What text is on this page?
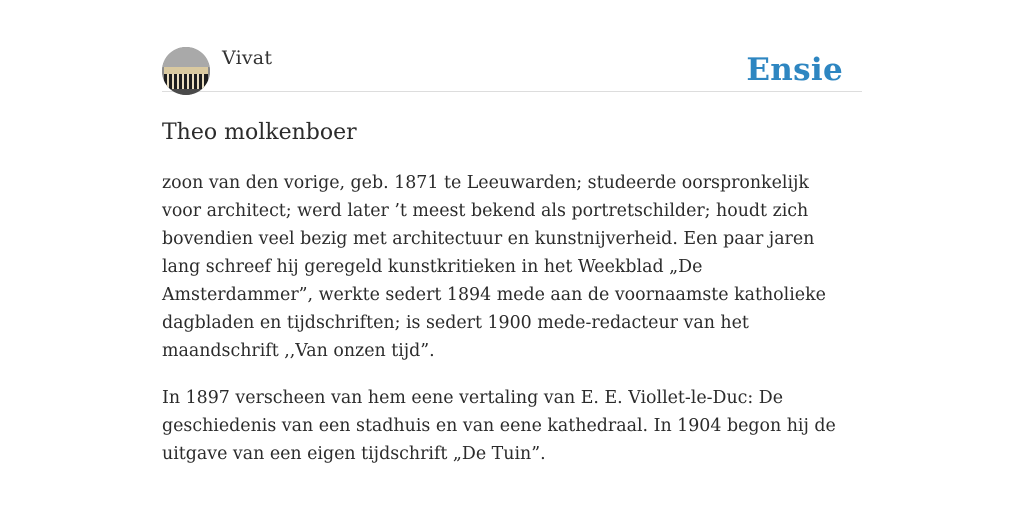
Vivat	Ensie
Theo molkenboer

zoon van den vorige, geb. 1871 te Leeuwarden; studeerde oorspronkelijk voor architect; werd later ’t meest bekend als portretschilder; houdt zich bovendien veel bezig met architectuur en kunstnijverheid. Een paar jaren lang schreef hij geregeld kunstkritieken in het Weekblad „De Amsterdammer”, werkte sedert 1894 mede aan de voornaamste katholieke dagbladen en tijdschriften; is sedert 1900 mede-redacteur van het maandschrift ,,Van onzen tijd”.

In 1897 verscheen van hem eene vertaling van E. E. Viollet-le-Duc: De geschiedenis van een stadhuis en van eene kathedraal. In 1904 begon hij de uitgave van een eigen tijdschrift „De Tuin”.
